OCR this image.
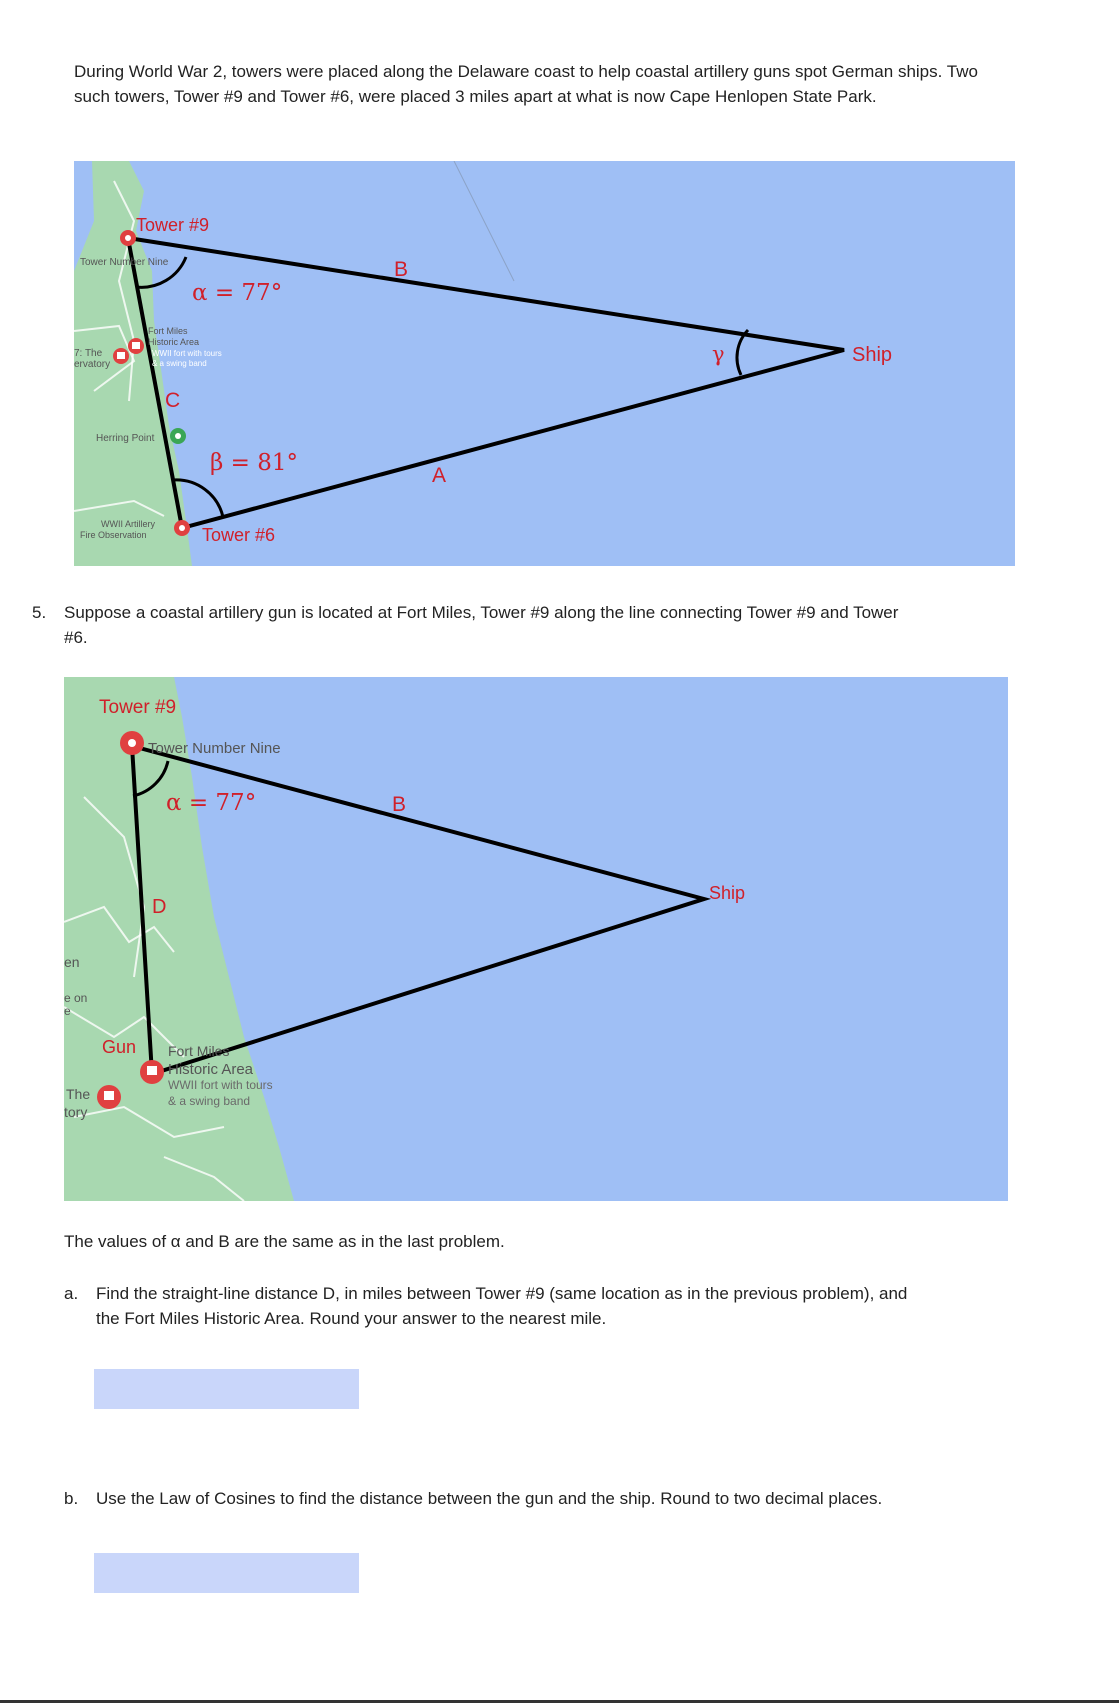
During World War 2, towers were placed along the Delaware coast to help coastal artillery guns spot German ships. Two
such towers, Tower #9 and Tower #6, were placed 3 miles apart at what is now Cape Henlopen State Park.
Tower #9
Tower #6
Ship
B
A
C
α = 77°
β = 81°
γ
Tower Number Nine
Fort Miles
Historic Area
WWII fort with tours
& a swing band
7: The
ervatory
Herring Point
WWII Artillery
Fire Observation
5. Suppose a coastal artillery gun is located at Fort Miles, Tower #9 along the line connecting Tower #9 and Tower
#6.
Tower #9
Tower Number Nine
α = 77°	B
D
Ship
Gun Fort Miles
Historic Area
WWII fort with tours
& a swing band
en
e on
e
The
tory
The values of α and B are the same as in the last problem.
a. Find the straight-line distance D, in miles between Tower #9 (same location as in the previous problem), and
the Fort Miles Historic Area. Round your answer to the nearest mile.
b. Use the Law of Cosines to find the distance between the gun and the ship. Round to two decimal places.
